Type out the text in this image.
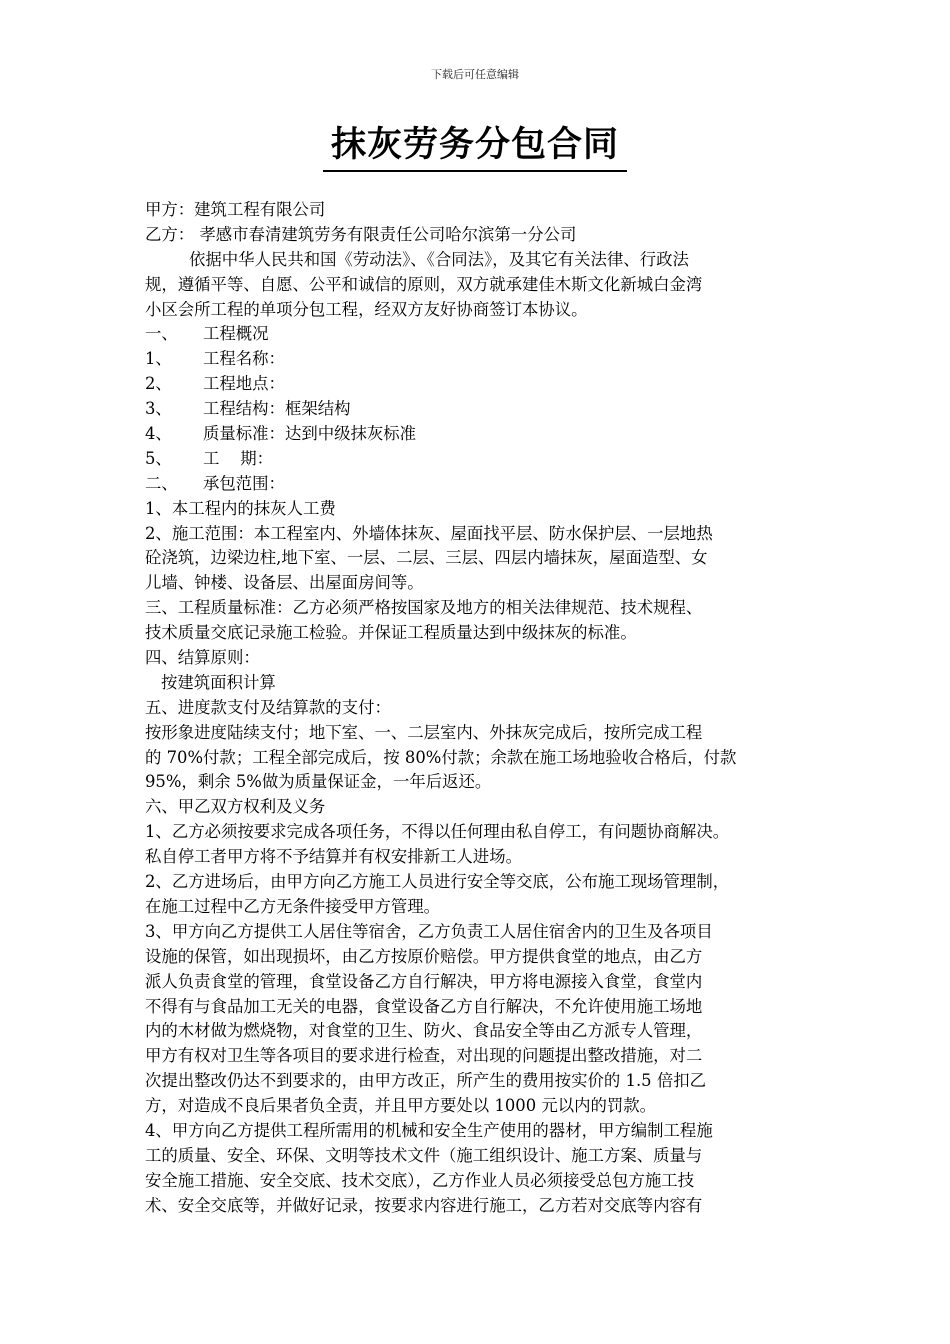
下载后可任意编辑
抹灰劳务分包合同
甲方：建筑工程有限公司
乙方： 孝感市春清建筑劳务有限责任公司哈尔滨第一分公司
依据中华人民共和国《劳动法》、《合同法》，及其它有关法律、行政法
规，遵循平等、自愿、公平和诚信的原则，双方就承建佳木斯文化新城白金湾
小区会所工程的单项分包工程，经双方友好协商签订本协议。
一、 工程概况
1、 工程名称：
2、 工程地点：
3、 工程结构：框架结构
4、 质量标准：达到中级抹灰标准
5、 工    期：
二、 承包范围：
1、本工程内的抹灰人工费
2、施工范围：本工程室内、外墙体抹灰、屋面找平层、防水保护层、一层地热
砼浇筑，边梁边柱,地下室、一层、二层、三层、四层内墙抹灰，屋面造型、女
儿墙、钟楼、设备层、出屋面房间等。
三、工程质量标准：乙方必须严格按国家及地方的相关法律规范、技术规程、
技术质量交底记录施工检验。并保证工程质量达到中级抹灰的标准。
四、结算原则：
按建筑面积计算
五、进度款支付及结算款的支付：
按形象进度陆续支付；地下室、一、二层室内、外抹灰完成后，按所完成工程
的 70%付款；工程全部完成后，按 80%付款；余款在施工场地验收合格后，付款
95%，剩余 5%做为质量保证金，一年后返还。
六、甲乙双方权利及义务
1、乙方必须按要求完成各项任务，不得以任何理由私自停工，有问题协商解决。
私自停工者甲方将不予结算并有权安排新工人进场。
2、乙方进场后，由甲方向乙方施工人员进行安全等交底，公布施工现场管理制，
在施工过程中乙方无条件接受甲方管理。
3、甲方向乙方提供工人居住等宿舍，乙方负责工人居住宿舍内的卫生及各项目
设施的保管，如出现损坏，由乙方按原价赔偿。甲方提供食堂的地点，由乙方
派人负责食堂的管理，食堂设备乙方自行解决，甲方将电源接入食堂，食堂内
不得有与食品加工无关的电器，食堂设备乙方自行解决，不允许使用施工场地
内的木材做为燃烧物，对食堂的卫生、防火、食品安全等由乙方派专人管理，
甲方有权对卫生等各项目的要求进行检查，对出现的问题提出整改措施，对二
次提出整改仍达不到要求的，由甲方改正，所产生的费用按实价的 1.5 倍扣乙
方，对造成不良后果者负全责，并且甲方要处以 1000 元以内的罚款。
4、甲方向乙方提供工程所需用的机械和安全生产使用的器材，甲方编制工程施
工的质量、安全、环保、文明等技术文件（施工组织设计、施工方案、质量与
安全施工措施、安全交底、技术交底），乙方作业人员必须接受总包方施工技
术、安全交底等，并做好记录，按要求内容进行施工，乙方若对交底等内容有
